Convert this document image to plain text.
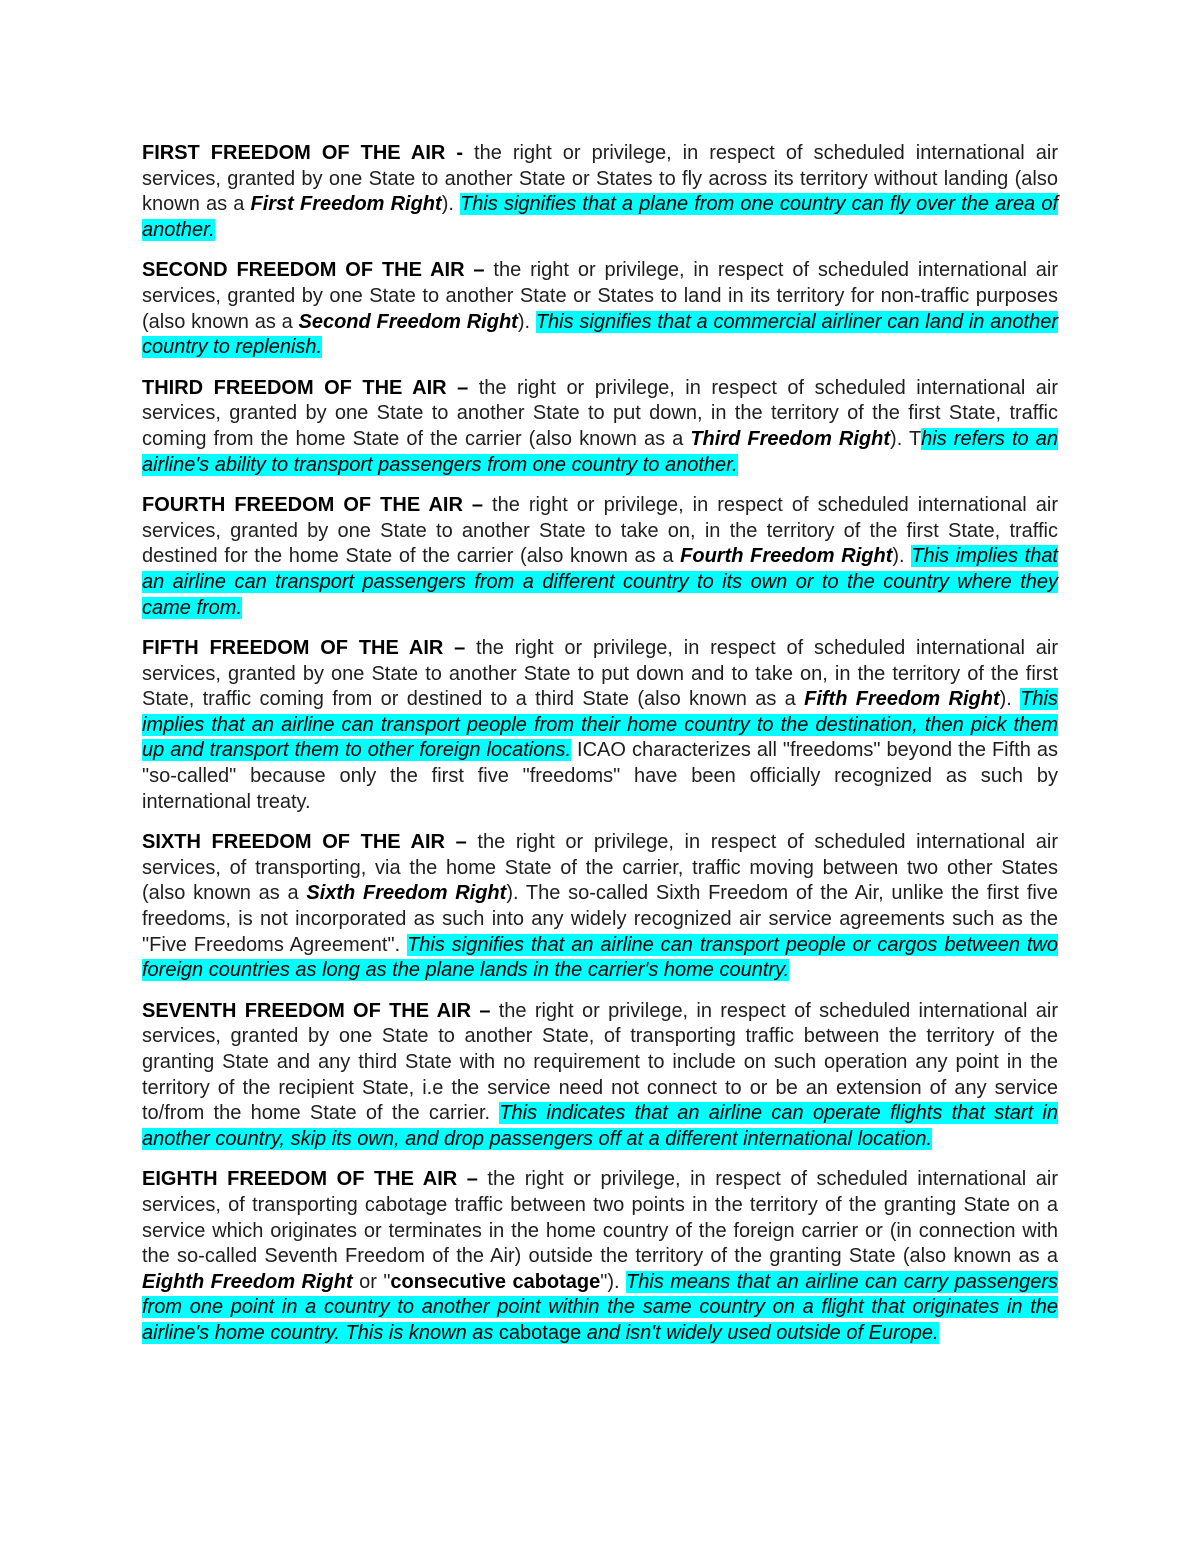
FIRST FREEDOM OF THE AIR - the right or privilege, in respect of scheduled international air services, granted by one State to another State or States to fly across its territory without landing (also known as a First Freedom Right). This signifies that a plane from one country can fly over the area of another.

SECOND FREEDOM OF THE AIR – the right or privilege, in respect of scheduled international air services, granted by one State to another State or States to land in its territory for non-traffic purposes (also known as a Second Freedom Right). This signifies that a commercial airliner can land in another country to replenish.

THIRD FREEDOM OF THE AIR – the right or privilege, in respect of scheduled international air services, granted by one State to another State to put down, in the territory of the first State, traffic coming from the home State of the carrier (also known as a Third Freedom Right). This refers to an airline's ability to transport passengers from one country to another.

FOURTH FREEDOM OF THE AIR – the right or privilege, in respect of scheduled international air services, granted by one State to another State to take on, in the territory of the first State, traffic destined for the home State of the carrier (also known as a Fourth Freedom Right). This implies that an airline can transport passengers from a different country to its own or to the country where they came from.

FIFTH FREEDOM OF THE AIR – the right or privilege, in respect of scheduled international air services, granted by one State to another State to put down and to take on, in the territory of the first State, traffic coming from or destined to a third State (also known as a Fifth Freedom Right). This implies that an airline can transport people from their home country to the destination, then pick them up and transport them to other foreign locations. ICAO characterizes all "freedoms" beyond the Fifth as "so-called" because only the first five "freedoms" have been officially recognized as such by international treaty.

SIXTH FREEDOM OF THE AIR – the right or privilege, in respect of scheduled international air services, of transporting, via the home State of the carrier, traffic moving between two other States (also known as a Sixth Freedom Right). The so-called Sixth Freedom of the Air, unlike the first five freedoms, is not incorporated as such into any widely recognized air service agreements such as the "Five Freedoms Agreement". This signifies that an airline can transport people or cargos between two foreign countries as long as the plane lands in the carrier's home country.

SEVENTH FREEDOM OF THE AIR – the right or privilege, in respect of scheduled international air services, granted by one State to another State, of transporting traffic between the territory of the granting State and any third State with no requirement to include on such operation any point in the territory of the recipient State, i.e the service need not connect to or be an extension of any service to/from the home State of the carrier. This indicates that an airline can operate flights that start in another country, skip its own, and drop passengers off at a different international location.

EIGHTH FREEDOM OF THE AIR – the right or privilege, in respect of scheduled international air services, of transporting cabotage traffic between two points in the territory of the granting State on a service which originates or terminates in the home country of the foreign carrier or (in connection with the so-called Seventh Freedom of the Air) outside the territory of the granting State (also known as a Eighth Freedom Right or "consecutive cabotage"). This means that an airline can carry passengers from one point in a country to another point within the same country on a flight that originates in the airline's home country. This is known as cabotage and isn't widely used outside of Europe.
